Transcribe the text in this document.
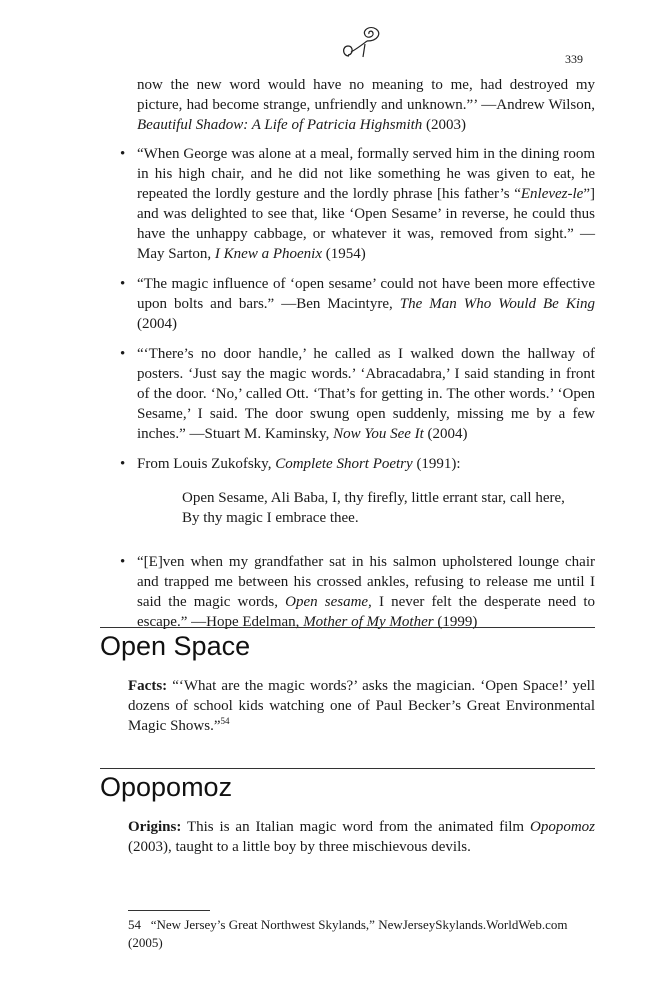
339
now the new word would have no meaning to me, had destroyed my picture, had become strange, unfriendly and unknown.”’ —Andrew Wilson, Beautiful Shadow: A Life of Patricia Highsmith (2003)
• “When George was alone at a meal, formally served him in the dining room in his high chair, and he did not like something he was given to eat, he repeated the lordly gesture and the lordly phrase [his father’s “Enlevez-le”] and was delighted to see that, like ‘Open Sesame’ in reverse, he could thus have the unhappy cabbage, or whatever it was, removed from sight.” —May Sarton, I Knew a Phoenix (1954)
• “The magic influence of ‘open sesame’ could not have been more effective upon bolts and bars.” —Ben Macintyre, The Man Who Would Be King (2004)
• “‘There’s no door handle,’ he called as I walked down the hallway of posters. ‘Just say the magic words.’ ‘Abracadabra,’ I said standing in front of the door. ‘No,’ called Ott. ‘That’s for getting in. The other words.’ ‘Open Sesame,’ I said. The door swung open suddenly, missing me by a few inches.” —Stuart M. Kaminsky, Now You See It (2004)
• From Louis Zukofsky, Complete Short Poetry (1991):
Open Sesame, Ali Baba, I, thy firefly, little errant star, call here,
By thy magic I embrace thee.
• “[E]ven when my grandfather sat in his salmon upholstered lounge chair and trapped me between his crossed ankles, refusing to release me until I said the magic words, Open sesame, I never felt the desperate need to escape.” —Hope Edelman, Mother of My Mother (1999)
Open Space
Facts: “‘What are the magic words?’ asks the magician. ‘Open Space!’ yell dozens of school kids watching one of Paul Becker’s Great Environmental Magic Shows.”$^{54}$
Opopomoz
Origins: This is an Italian magic word from the animated film Opopomoz (2003), taught to a little boy by three mischievous devils.
54 “New Jersey’s Great Northwest Skylands,” NewJerseySkylands.WorldWeb.com (2005)
